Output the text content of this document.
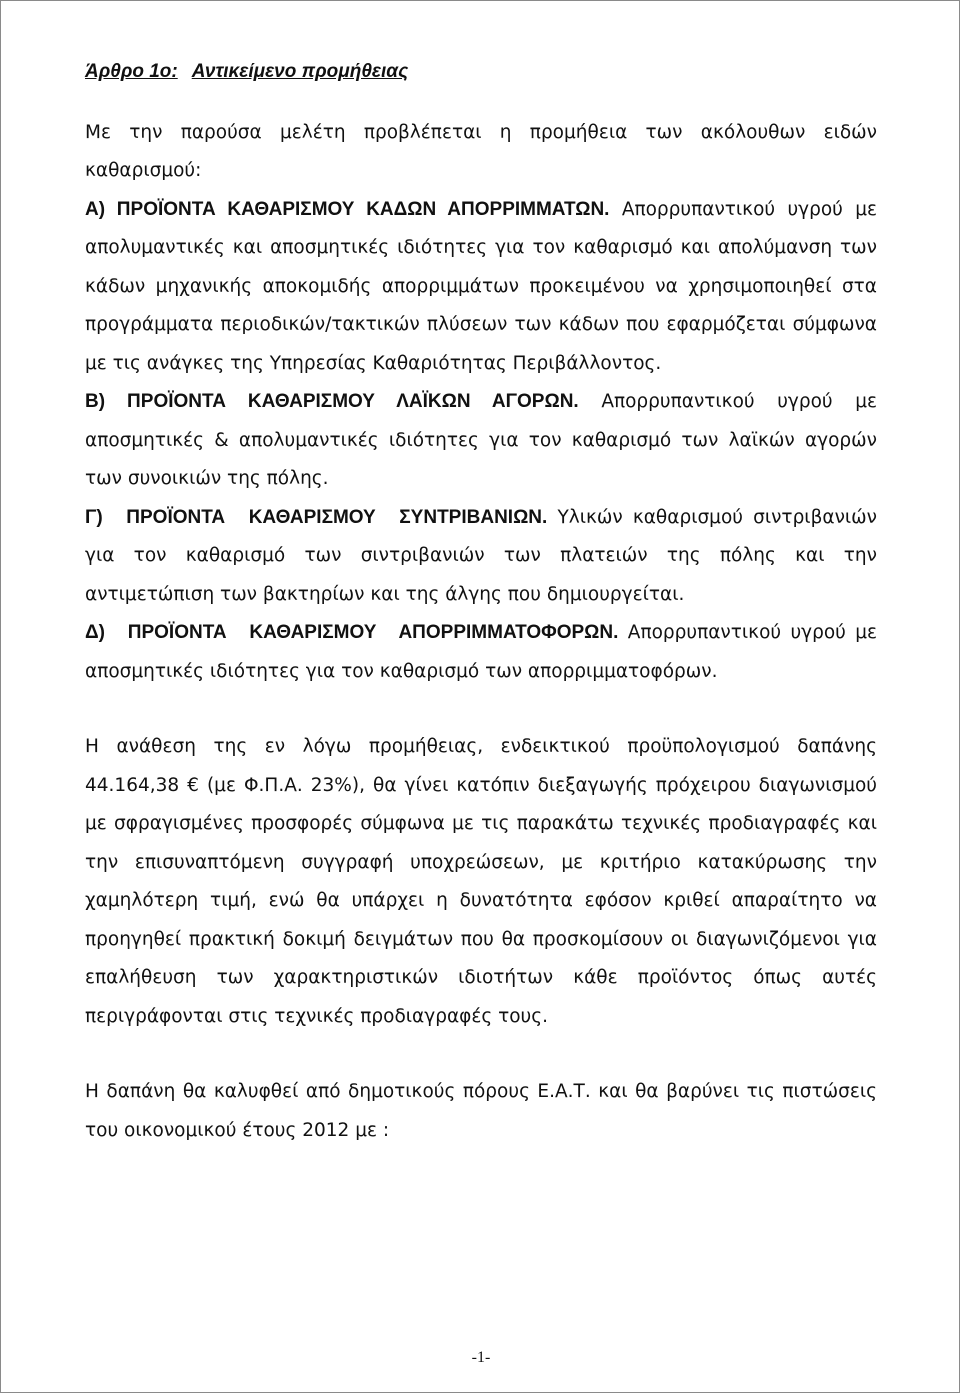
Άρθρο 1ο: Αντικείμενο προμήθειας

Με την παρούσα μελέτη προβλέπεται η προμήθεια των ακόλουθων ειδών καθαρισμού:

Α) ΠΡΟΪΟΝΤΑ ΚΑΘΑΡΙΣΜΟΥ ΚΑΔΩΝ ΑΠΟΡΡΙΜΜΑΤΩΝ. Απορρυπαντικού υγρού με απολυμαντικές και αποσμητικές ιδιότητες για τον καθαρισμό και απολύμανση των κάδων μηχανικής αποκομιδής απορριμμάτων προκειμένου να χρησιμοποιηθεί στα προγράμματα περιοδικών/τακτικών πλύσεων των κάδων που εφαρμόζεται σύμφωνα με τις ανάγκες της Υπηρεσίας Καθαριότητας Περιβάλλοντος.

Β) ΠΡΟΪΟΝΤΑ ΚΑΘΑΡΙΣΜΟΥ ΛΑΪΚΩΝ ΑΓΟΡΩΝ. Απορρυπαντικού υγρού με αποσμητικές & απολυμαντικές ιδιότητες για τον καθαρισμό των λαϊκών αγορών των συνοικιών της πόλης.

Γ) ΠΡΟΪΟΝΤΑ ΚΑΘΑΡΙΣΜΟΥ ΣΥΝΤΡΙΒΑΝΙΩΝ. Υλικών καθαρισμού σιντριβανιών για τον καθαρισμό των σιντριβανιών των πλατειών της πόλης και την αντιμετώπιση των βακτηρίων και της άλγης που δημιουργείται.

Δ) ΠΡΟΪΟΝΤΑ ΚΑΘΑΡΙΣΜΟΥ ΑΠΟΡΡΙΜΜΑΤΟΦΟΡΩΝ. Απορρυπαντικού υγρού με αποσμητικές ιδιότητες για τον καθαρισμό των απορριμματοφόρων.

Η ανάθεση της εν λόγω προμήθειας, ενδεικτικού προϋπολογισμού δαπάνης 44.164,38 € (με Φ.Π.Α. 23%), θα γίνει κατόπιν διεξαγωγής πρόχειρου διαγωνισμού με σφραγισμένες προσφορές σύμφωνα με τις παρακάτω τεχνικές προδιαγραφές και την επισυναπτόμενη συγγραφή υποχρεώσεων, με κριτήριο κατακύρωσης την χαμηλότερη τιμή, ενώ θα υπάρχει η δυνατότητα εφόσον κριθεί απαραίτητο να προηγηθεί πρακτική δοκιμή δειγμάτων που θα προσκομίσουν οι διαγωνιζόμενοι για επαλήθευση των χαρακτηριστικών ιδιοτήτων κάθε προϊόντος όπως αυτές περιγράφονται στις τεχνικές προδιαγραφές τους.

Η δαπάνη θα καλυφθεί από δημοτικούς πόρους Ε.Α.Τ. και θα βαρύνει τις πιστώσεις του οικονομικού έτους 2012 με :

-1-
